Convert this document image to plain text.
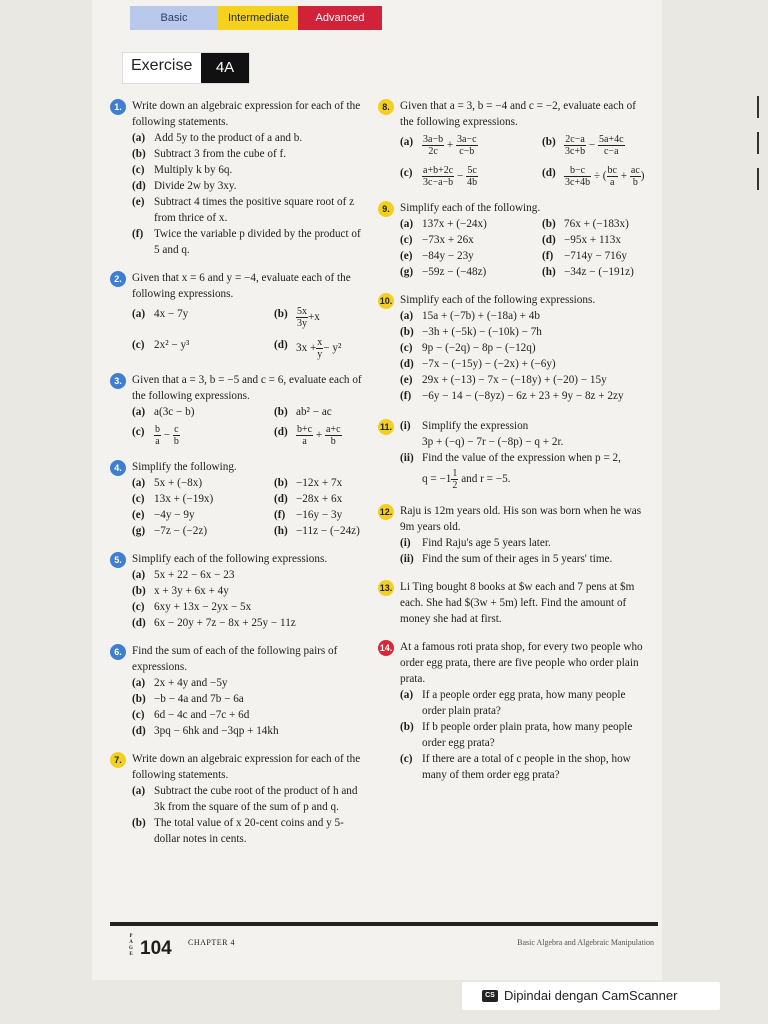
Basic	Intermediate	Advanced
Exercise	4A
1. Write down an algebraic expression for each of the following statements.
(a) Add 5y to the product of a and b.
(b) Subtract 3 from the cube of f.
(c) Multiply k by 6q.
(d) Divide 2w by 3xy.
(e) Subtract 4 times the positive square root of z from thrice of x.
(f) Twice the variable p divided by the product of 5 and q.
2. Given that x = 6 and y = −4, evaluate each of the following expressions.
(a) 4x − 7y	$(b) \frac{5x}{3y} +x$
(c) 2x² − y³	(d) $3x + \frac{x}{y} - y^2$
3. Given that a = 3, b = −5 and c = 6, evaluate each of the following expressions.
(a) a(3c − b)	(b) ab² − ac
$(c) \frac{b}{a} - \frac{c}{b}$	$(d) \frac{b+c}{a} + \frac{a+c}{b}$
4. Simplify the following.
(a) 5x + (−8x)	(b) −12x + 7x
(c) 13x + (−19x)	(d) −28x + 6x
(e) −4y − 9y	(f) −16y − 3y
(g) −7z − (−2z)	(h) −11z − (−24z)
5. Simplify each of the following expressions.
(a) 5x + 22 − 6x − 23
(b) x + 3y + 6x + 4y
(c) 6xy + 13x − 2yx − 5x
(d) 6x − 20y + 7z − 8x + 25y − 11z
6. Find the sum of each of the following pairs of expressions.
(a) 2x + 4y and −5y
(b) −b − 4a and 7b − 6a
(c) 6d − 4c and −7c + 6d
(d) 3pq − 6hk and −3qp + 14kh
7. Write down an algebraic expression for each of the following statements.
(a) Subtract the cube root of the product of h and 3k from the square of the sum of p and q.
(b) The total value of x 20-cent coins and y 5-dollar notes in cents.
8. Given that a = 3, b = −4 and c = −2, evaluate each of the following expressions.
$(a) \frac{3a-b}{2c} + \frac{3a-c}{c-b}$	$(b) \frac{2c-a}{3c+b} - \frac{5a+4c}{c-a}$
$(c) \frac{a+b+2c}{3c-a-b} - \frac{5c}{4b}$	$(d) \frac{b-c}{3c+4b}$ ÷ ( $\frac{bc}{a} + \frac{ac}{b}$ )
9. Simplify each of the following.
(a) 137x + (−24x)	(b) 76x + (−183x)
(c) −73x + 26x	(d) −95x + 113x
(e) −84y − 23y	(f) −714y − 716y
(g) −59z − (−48z)	(h) −34z − (−191z)
10. Simplify each of the following expressions.
(a) 15a + (−7b) + (−18a) + 4b
(b) −3h + (−5k) − (−10k) − 7h
(c) 9p − (−2q) − 8p − (−12q)
(d) −7x − (−15y) − (−2x) + (−6y)
(e) 29x + (−13) − 7x − (−18y) + (−20) − 15y
(f) −6y − 14 − (−8yz) − 6z + 23 + 9y − 8z + 2zy
11. (i) Simplify the expression
3p + (−q) − 7r − (−8p) − q + 2r.
(ii) Find the value of the expression when p = 2,
$q = -1 \frac{1}{2}$ and r = −5.
12. Raju is 12m years old. His son was born when he was 9m years old.
(i) Find Raju's age 5 years later.
(ii) Find the sum of their ages in 5 years' time.
13. Li Ting bought 8 books at $w each and 7 pens at $m each. She had $(3w + 5m) left. Find the amount of money she had at first.
14. At a famous roti prata shop, for every two people who order egg prata, there are five people who order plain prata.
(a) If a people order egg prata, how many people order plain prata?
(b) If b people order plain prata, how many people order egg prata?
(c) If there are a total of c people in the shop, how many of them order egg prata?
P
A
G
E 104 CHAPTER 4	Basic Algebra and Algebraic Manipulation
CS Dipindai dengan CamScanner
